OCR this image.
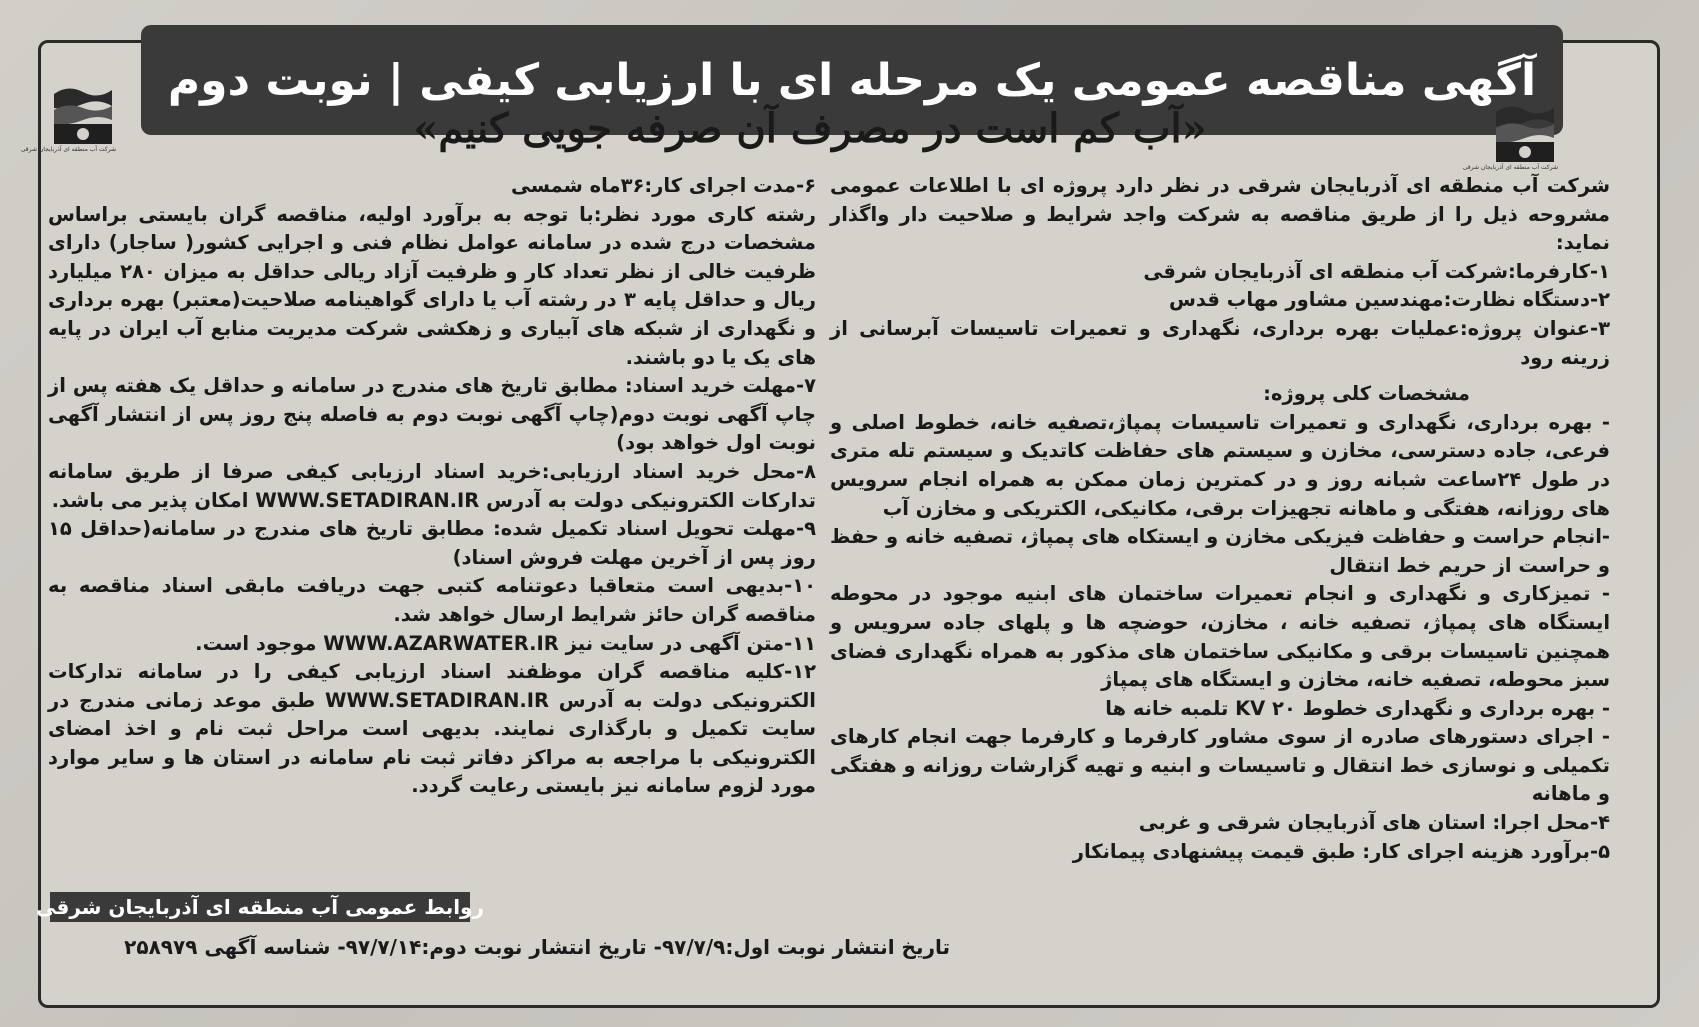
آگهی مناقصه عمومی یک مرحله ای با ارزیابی کیفی | نوبت دوم
«آب کم است در مصرف آن صرفه جویی کنیم»
شرکت آب منطقه ای آذربایجان شرقی
شرکت آب منطقه ای آذربایجان شرقی

شرکت آب منطقه ای آذربایجان شرقی در نظر دارد پروژه ای با اطلاعات عمومی مشروحه ذیل را از طریق مناقصه به شرکت واجد شرایط و صلاحیت دار واگذار نماید:

۱-کارفرما:شرکت آب منطقه ای آذربایجان شرقی

۲-دستگاه نظارت:مهندسین مشاور مهاب قدس

۳-عنوان پروژه:عملیات بهره برداری، نگهداری و تعمیرات تاسیسات آبرسانی از زرینه رود

مشخصات کلی پروژه:

- بهره برداری، نگهداری و تعمیرات تاسیسات پمپاژ،تصفیه خانه، خطوط اصلی و فرعی، جاده دسترسی، مخازن و سیستم های حفاظت کاتدیک و سیستم تله متری در طول ۲۴ساعت شبانه روز و در کمترین زمان ممکن به همراه انجام سرویس های روزانه، هفتگی و ماهانه تجهیزات برقی، مکانیکی، الکتریکی و مخازن آب

-انجام حراست و حفاظت فیزیکی مخازن و ایستکاه های پمپاژ، تصفیه خانه و حفظ و حراست از حریم خط انتقال

- تمیزکاری و نگهداری و انجام تعمیرات ساختمان های ابنیه موجود در محوطه ایستگاه های پمپاژ، تصفیه خانه ، مخازن، حوضچه ها و پلهای جاده سرویس و همچنین تاسیسات برقی و مکانیکی ساختمان های مذکور به همراه نگهداری فضای سبز محوطه، تصفیه خانه، مخازن و ایستگاه های پمپاژ

- بهره برداری و نگهداری خطوط KV ۲۰ تلمبه خانه ها

- اجرای دستورهای صادره از سوی مشاور کارفرما و کارفرما جهت انجام کارهای تکمیلی و نوسازی خط انتقال و تاسیسات و ابنیه و تهیه گزارشات روزانه و هفتگی و ماهانه

۴-محل اجرا: استان های آذربایجان شرقی و غربی

۵-برآورد هزینه اجرای کار: طبق قیمت پیشنهادی پیمانکار

۶-مدت اجرای کار:۳۶ماه شمسی

رشته کاری مورد نظر:با توجه به برآورد اولیه، مناقصه گران بایستی براساس مشخصات درج شده در سامانه عوامل نظام فنی و اجرایی کشور( ساجار) دارای ظرفیت خالی از نظر تعداد کار و ظرفیت آزاد ریالی حداقل به میزان ۲۸۰ میلیارد ریال و حداقل پایه ۳ در رشته آب یا دارای گواهینامه صلاحیت(معتبر) بهره برداری و نگهداری از شبکه های آبیاری و زهکشی شرکت مدیریت منابع آب ایران در پایه های یک یا دو باشند.

۷-مهلت خرید اسناد: مطابق تاریخ های مندرج در سامانه و حداقل یک هفته پس از چاپ آگهی نوبت دوم(چاپ آگهی نوبت دوم به فاصله پنج روز پس از انتشار آگهی نوبت اول خواهد بود)

۸-محل خرید اسناد ارزیابی:خرید اسناد ارزیابی کیفی صرفا از طریق سامانه تدارکات الکترونیکی دولت به آدرس WWW.SETADIRAN.IR امکان پذیر می باشد.

۹-مهلت تحویل اسناد تکمیل شده: مطابق تاریخ های مندرج در سامانه(حداقل ۱۵ روز پس از آخرین مهلت فروش اسناد)

۱۰-بدیهی است متعاقبا دعوتنامه کتبی جهت دریافت مابقی اسناد مناقصه به مناقصه گران حائز شرایط ارسال خواهد شد.

۱۱-متن آگهی در سایت نیز WWW.AZARWATER.IR موجود است.

۱۲-کلیه مناقصه گران موظفند اسناد ارزیابی کیفی را در سامانه تدارکات الکترونیکی دولت به آدرس WWW.SETADIRAN.IR طبق موعد زمانی مندرج در سایت تکمیل و بارگذاری نمایند. بدیهی است مراحل ثبت نام و اخذ امضای الکترونیکی با مراجعه به مراکز دفاتر ثبت نام سامانه در استان ها و سایر موارد مورد لزوم سامانه نیز بایستی رعایت گردد.

روابط عمومی آب منطقه ای آذربایجان شرقی
تاریخ انتشار نوبت اول:۹۷/۷/۹- تاریخ انتشار نوبت دوم:۹۷/۷/۱۴- شناسه آگهی ۲۵۸۹۷۹
